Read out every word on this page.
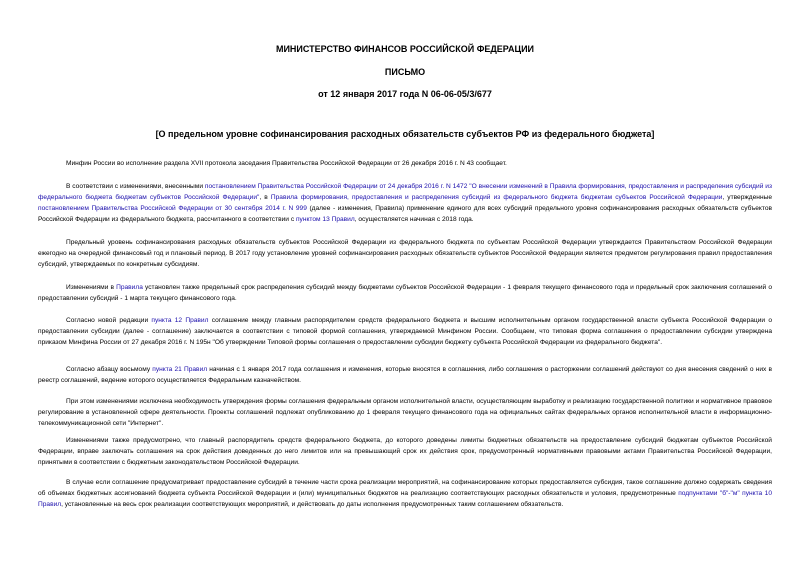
МИНИСТЕРСТВО ФИНАНСОВ РОССИЙСКОЙ ФЕДЕРАЦИИ
ПИСЬМО
от 12 января 2017 года N 06-06-05/3/677
[О предельном уровне софинансирования расходных обязательств субъектов РФ из федерального бюджета]
Минфин России во исполнение раздела XVII протокола заседания Правительства Российской Федерации от 26 декабря 2016 г. N 43 сообщает.
В соответствии с изменениями, внесенными постановлением Правительства Российской Федерации от 24 декабря 2016 г. N 1472 "О внесении изменений в Правила формирования, предоставления и распределения субсидий из федерального бюджета бюджетам субъектов Российской Федерации", в Правила формирования, предоставления и распределения субсидий из федерального бюджета бюджетам субъектов Российской Федерации, утвержденные постановлением Правительства Российской Федерации от 30 сентября 2014 г. N 999 (далее - изменения, Правила) применение единого для всех субсидий предельного уровня софинансирования расходных обязательств субъектов Российской Федерации из федерального бюджета, рассчитанного в соответствии с пунктом 13 Правил, осуществляется начиная с 2018 года.
Предельный уровень софинансирования расходных обязательств субъектов Российской Федерации из федерального бюджета по субъектам Российской Федерации утверждается Правительством Российской Федерации ежегодно на очередной финансовый год и плановый период. В 2017 году установление уровней софинансирования расходных обязательств субъектов Российской Федерации является предметом регулирования правил предоставления субсидий, утверждаемых по конкретным субсидиям.
Изменениями в Правила установлен также предельный срок распределения субсидий между бюджетами субъектов Российской Федерации - 1 февраля текущего финансового года и предельный срок заключения соглашений о предоставлении субсидий - 1 марта текущего финансового года.
Согласно новой редакции пункта 12 Правил соглашение между главным распорядителем средств федерального бюджета и высшим исполнительным органом государственной власти субъекта Российской Федерации о предоставлении субсидии (далее - соглашение) заключается в соответствии с типовой формой соглашения, утверждаемой Минфином России. Сообщаем, что типовая форма соглашения о предоставлении субсидии утверждена приказом Минфина России от 27 декабря 2016 г. N 195н "Об утверждении Типовой формы соглашения о предоставлении субсидии бюджету субъекта Российской Федерации из федерального бюджета".
Согласно абзацу восьмому пункта 21 Правил начиная с 1 января 2017 года соглашения и изменения, которые вносятся в соглашения, либо соглашения о расторжении соглашений действуют со дня внесения сведений о них в реестр соглашений, ведение которого осуществляется Федеральным казначейством.
При этом изменениями исключена необходимость утверждения формы соглашения федеральным органом исполнительной власти, осуществляющим выработку и реализацию государственной политики и нормативное правовое регулирование в установленной сфере деятельности. Проекты соглашений подлежат опубликованию до 1 февраля текущего финансового года на официальных сайтах федеральных органов исполнительной власти в информационно-телекоммуникационной сети "Интернет".
Изменениями также предусмотрено, что главный распорядитель средств федерального бюджета, до которого доведены лимиты бюджетных обязательств на предоставление субсидий бюджетам субъектов Российской Федерации, вправе заключать соглашения на срок действия доведенных до него лимитов или на превышающий срок их действия срок, предусмотренный нормативными правовыми актами Правительства Российской Федерации, принятыми в соответствии с бюджетным законодательством Российской Федерации.
В случае если соглашение предусматривает предоставление субсидий в течение части срока реализации мероприятий, на софинансирование которых предоставляется субсидия, такое соглашение должно содержать сведения об объемах бюджетных ассигнований бюджета субъекта Российской Федерации и (или) муниципальных бюджетов на реализацию соответствующих расходных обязательств и условия, предусмотренные подпунктами "б"-"м" пункта 10 Правил, установленные на весь срок реализации соответствующих мероприятий, и действовать до даты исполнения предусмотренных таким соглашением обязательств.
